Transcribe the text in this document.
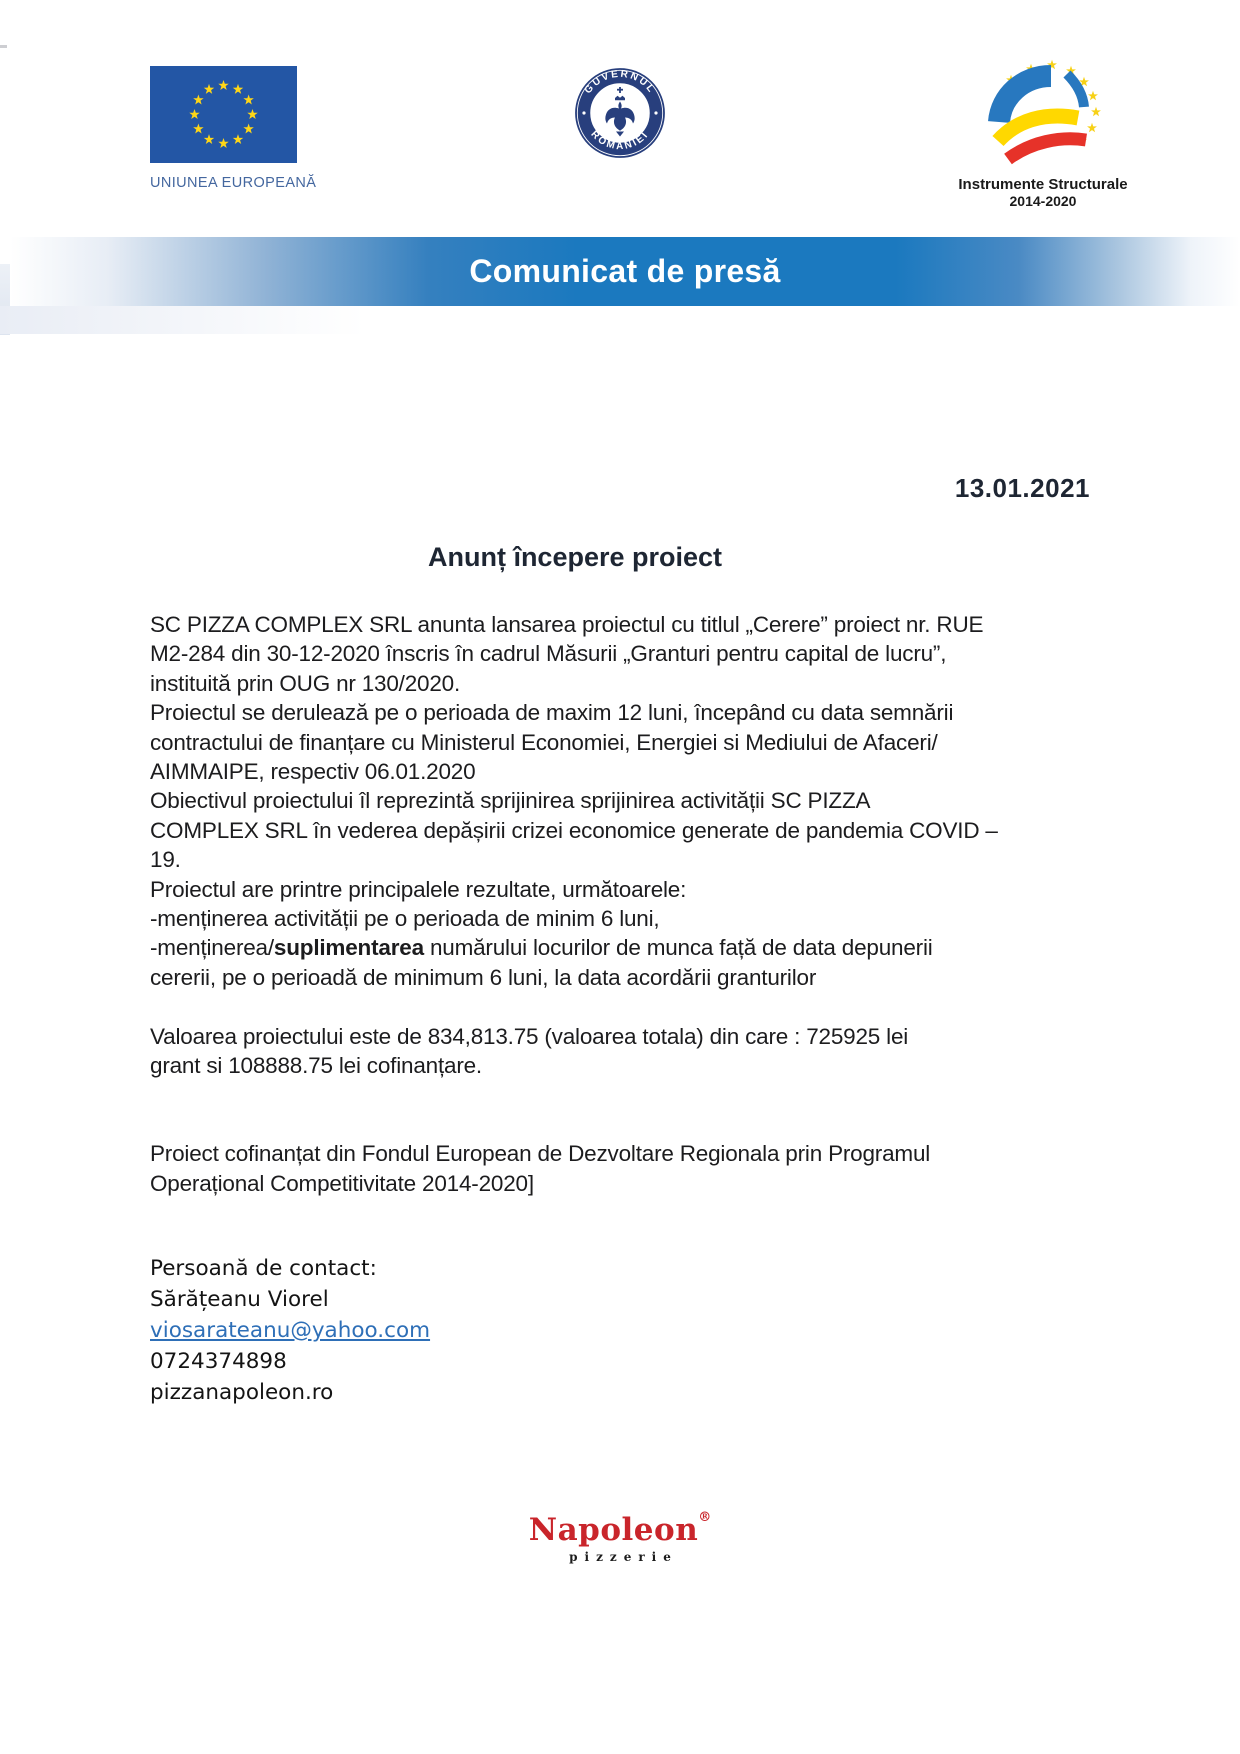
UNIUNEA EUROPEANĂ
GUVERNUL
ROMÂNIEI
Instrumente Structurale
2014-2020
Comunicat de presă
13.01.2021
Anunț începere proiect
SC PIZZA COMPLEX SRL anunta lansarea proiectul cu titlul „Cerere” proiect nr. RUE
M2-284 din 30-12-2020 înscris în cadrul Măsurii „Granturi pentru capital de lucru”,
instituită prin OUG nr 130/2020.
Proiectul se derulează pe o perioada de maxim 12 luni, începând cu data semnării
contractului de finanțare cu Ministerul Economiei, Energiei si Mediului de Afaceri/
AIMMAIPE, respectiv 06.01.2020
Obiectivul proiectului îl reprezintă sprijinirea sprijinirea activității SC PIZZA
COMPLEX SRL în vederea depășirii crizei economice generate de pandemia COVID –
19.
Proiectul are printre principalele rezultate, următoarele:
-menținerea activității pe o perioada de minim 6 luni,
-menținerea/suplimentarea numărului locurilor de munca față de data depunerii
cererii, pe o perioadă de minimum 6 luni, la data acordării granturilor

Valoarea proiectului este de 834,813.75 (valoarea totala) din care : 725925 lei
grant si 108888.75 lei cofinanțare.

Proiect cofinanțat din Fondul European de Dezvoltare Regionala prin Programul
Operațional Competitivitate 2014-2020]
Persoană de contact:
Sărățeanu Viorel
viosarateanu@yahoo.com
0724374898
pizzanapoleon.ro
Napoleon®
pizzerie
